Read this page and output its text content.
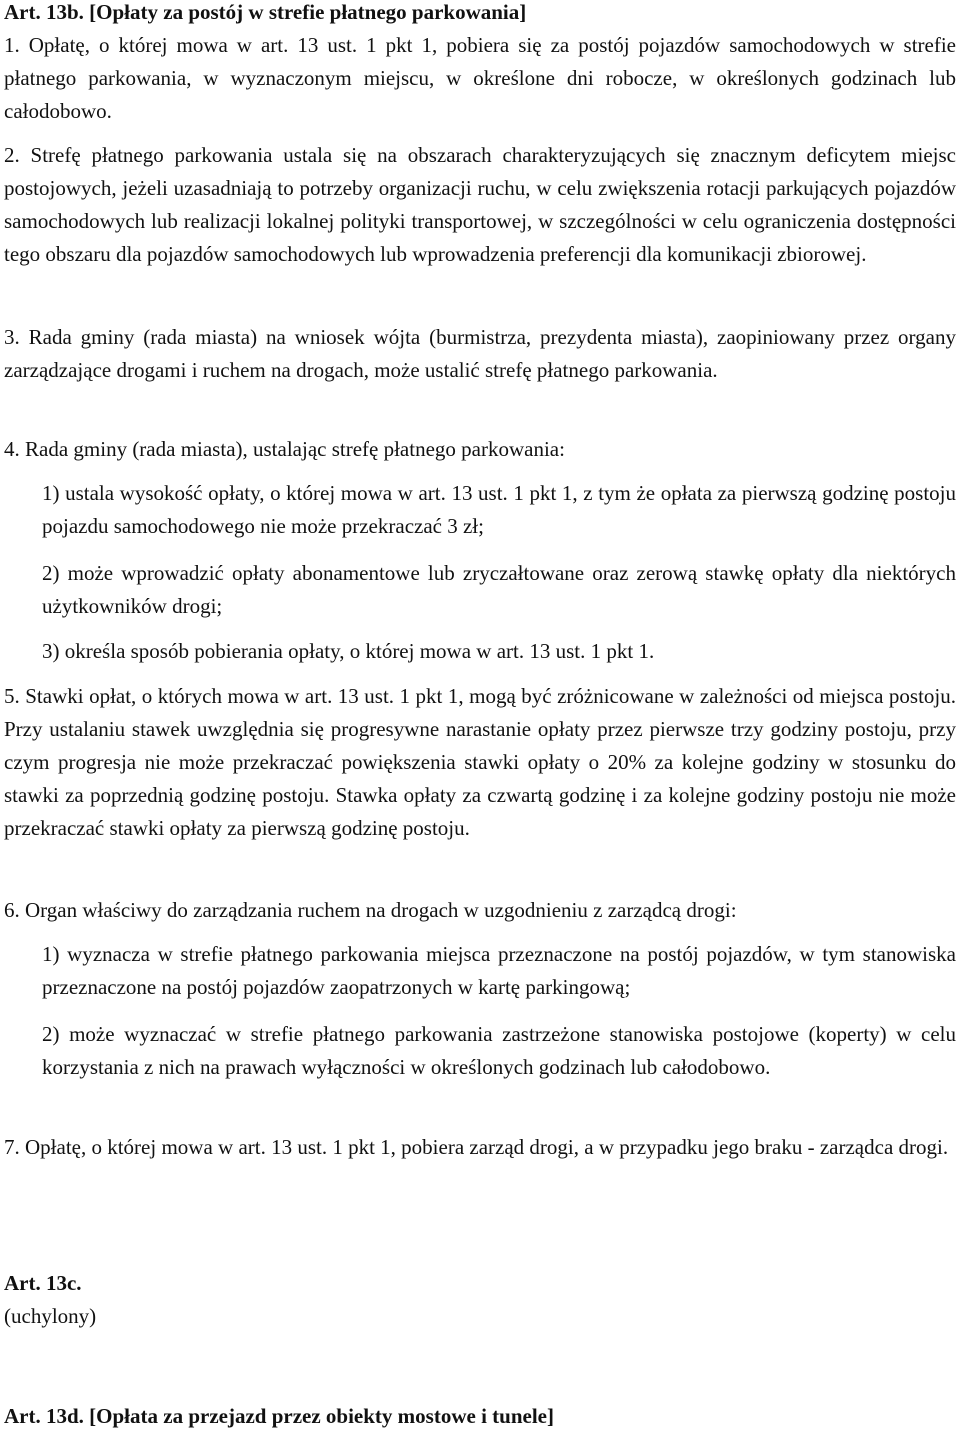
Art. 13b. [Opłaty za postój w strefie płatnego parkowania]

1. Opłatę, o której mowa w art. 13 ust. 1 pkt 1, pobiera się za postój pojazdów samochodowych w strefie płatnego parkowania, w wyznaczonym miejscu, w określone dni robocze, w określonych godzinach lub całodobowo.

2. Strefę płatnego parkowania ustala się na obszarach charakteryzujących się znacznym deficytem miejsc postojowych, jeżeli uzasadniają to potrzeby organizacji ruchu, w celu zwiększenia rotacji parkujących pojazdów samochodowych lub realizacji lokalnej polityki transportowej, w szczególności w celu ograniczenia dostępności tego obszaru dla pojazdów samochodowych lub wprowadzenia preferencji dla komunikacji zbiorowej.

3. Rada gminy (rada miasta) na wniosek wójta (burmistrza, prezydenta miasta), zaopiniowany przez organy zarządzające drogami i ruchem na drogach, może ustalić strefę płatnego parkowania.

4. Rada gminy (rada miasta), ustalając strefę płatnego parkowania:

1) ustala wysokość opłaty, o której mowa w art. 13 ust. 1 pkt 1, z tym że opłata za pierwszą godzinę postoju pojazdu samochodowego nie może przekraczać 3 zł;

2) może wprowadzić opłaty abonamentowe lub zryczałtowane oraz zerową stawkę opłaty dla niektórych użytkowników drogi;

3) określa sposób pobierania opłaty, o której mowa w art. 13 ust. 1 pkt 1.

5. Stawki opłat, o których mowa w art. 13 ust. 1 pkt 1, mogą być zróżnicowane w zależności od miejsca postoju. Przy ustalaniu stawek uwzględnia się progresywne narastanie opłaty przez pierwsze trzy godziny postoju, przy czym progresja nie może przekraczać powiększenia stawki opłaty o 20% za kolejne godziny w stosunku do stawki za poprzednią godzinę postoju. Stawka opłaty za czwartą godzinę i za kolejne godziny postoju nie może przekraczać stawki opłaty za pierwszą godzinę postoju.

6. Organ właściwy do zarządzania ruchem na drogach w uzgodnieniu z zarządcą drogi:

1) wyznacza w strefie płatnego parkowania miejsca przeznaczone na postój pojazdów, w tym stanowiska przeznaczone na postój pojazdów zaopatrzonych w kartę parkingową;

2) może wyznaczać w strefie płatnego parkowania zastrzeżone stanowiska postojowe (koperty) w celu korzystania z nich na prawach wyłączności w określonych godzinach lub całodobowo.

7. Opłatę, o której mowa w art. 13 ust. 1 pkt 1, pobiera zarząd drogi, a w przypadku jego braku - zarządca drogi.

Art. 13c.

(uchylony)

Art. 13d. [Opłata za przejazd przez obiekty mostowe i tunele]
